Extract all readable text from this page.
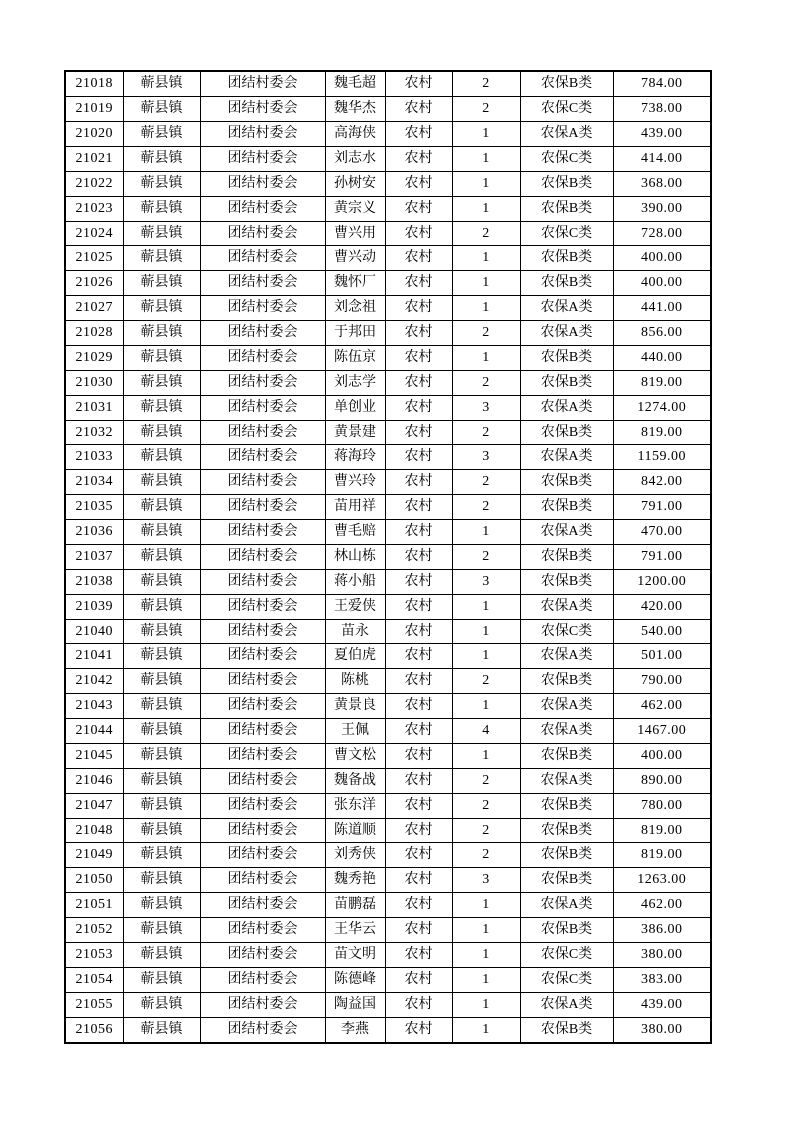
21018	蕲县镇	团结村委会	魏毛超	农村	2	农保B类	784.00
21019	蕲县镇	团结村委会	魏华杰	农村	2	农保C类	738.00
21020	蕲县镇	团结村委会	高海侠	农村	1	农保A类	439.00
21021	蕲县镇	团结村委会	刘志水	农村	1	农保C类	414.00
21022	蕲县镇	团结村委会	孙树安	农村	1	农保B类	368.00
21023	蕲县镇	团结村委会	黄宗义	农村	1	农保B类	390.00
21024	蕲县镇	团结村委会	曹兴用	农村	2	农保C类	728.00
21025	蕲县镇	团结村委会	曹兴动	农村	1	农保B类	400.00
21026	蕲县镇	团结村委会	魏怀厂	农村	1	农保B类	400.00
21027	蕲县镇	团结村委会	刘念祖	农村	1	农保A类	441.00
21028	蕲县镇	团结村委会	于邦田	农村	2	农保A类	856.00
21029	蕲县镇	团结村委会	陈伍京	农村	1	农保B类	440.00
21030	蕲县镇	团结村委会	刘志学	农村	2	农保B类	819.00
21031	蕲县镇	团结村委会	单创业	农村	3	农保A类	1274.00
21032	蕲县镇	团结村委会	黄景建	农村	2	农保B类	819.00
21033	蕲县镇	团结村委会	蒋海玲	农村	3	农保A类	1159.00
21034	蕲县镇	团结村委会	曹兴玲	农村	2	农保B类	842.00
21035	蕲县镇	团结村委会	苗用祥	农村	2	农保B类	791.00
21036	蕲县镇	团结村委会	曹毛赔	农村	1	农保A类	470.00
21037	蕲县镇	团结村委会	林山栋	农村	2	农保B类	791.00
21038	蕲县镇	团结村委会	蒋小船	农村	3	农保B类	1200.00
21039	蕲县镇	团结村委会	王爱侠	农村	1	农保A类	420.00
21040	蕲县镇	团结村委会	苗永	农村	1	农保C类	540.00
21041	蕲县镇	团结村委会	夏伯虎	农村	1	农保A类	501.00
21042	蕲县镇	团结村委会	陈桃	农村	2	农保B类	790.00
21043	蕲县镇	团结村委会	黄景良	农村	1	农保A类	462.00
21044	蕲县镇	团结村委会	王佩	农村	4	农保A类	1467.00
21045	蕲县镇	团结村委会	曹文松	农村	1	农保B类	400.00
21046	蕲县镇	团结村委会	魏备战	农村	2	农保A类	890.00
21047	蕲县镇	团结村委会	张东洋	农村	2	农保B类	780.00
21048	蕲县镇	团结村委会	陈道顺	农村	2	农保B类	819.00
21049	蕲县镇	团结村委会	刘秀侠	农村	2	农保B类	819.00
21050	蕲县镇	团结村委会	魏秀艳	农村	3	农保B类	1263.00
21051	蕲县镇	团结村委会	苗鹏磊	农村	1	农保A类	462.00
21052	蕲县镇	团结村委会	王华云	农村	1	农保B类	386.00
21053	蕲县镇	团结村委会	苗文明	农村	1	农保C类	380.00
21054	蕲县镇	团结村委会	陈德峰	农村	1	农保C类	383.00
21055	蕲县镇	团结村委会	陶益国	农村	1	农保A类	439.00
21056	蕲县镇	团结村委会	李燕	农村	1	农保B类	380.00
